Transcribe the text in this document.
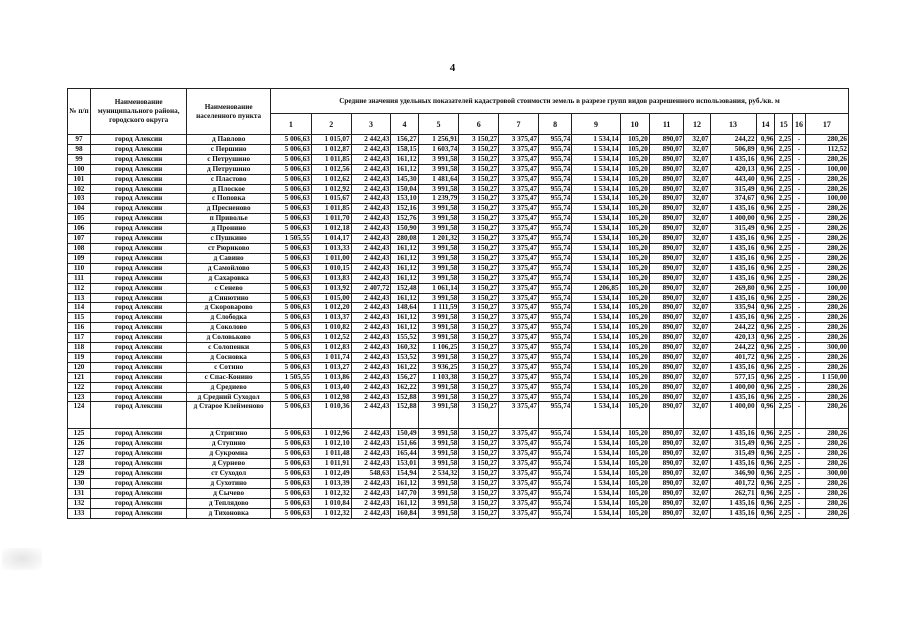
4
№ п/п	Наименование муниципального района, городского округа	Наименование населенного пункта	Средние значения удельных показателей кадастровой стоимости земель в разрезе групп видов разрешенного использования, руб./кв. м																
			1	2	3	4	5	6	7	8	9	10	11	12	13	14	15	16	17
97	город Алексин	д Павлово	5 006,63	1 015,07	2 442,43	156,27	1 256,91	3 150,27	3 375,47	955,74	1 534,14	105,20	890,07	32,07	244,22	0,96	2,25	-	280,26
98	город Алексин	с Першино	5 006,63	1 012,87	2 442,43	158,15	1 603,74	3 150,27	3 375,47	955,74	1 534,14	105,20	890,07	32,07	506,89	0,96	2,25	-	112,52
99	город Алексин	с Петрушино	5 006,63	1 011,85	2 442,43	161,12	3 991,58	3 150,27	3 375,47	955,74	1 534,14	105,20	890,07	32,07	1 435,16	0,96	2,25	-	280,26
100	город Алексин	д Петрушино	5 006,63	1 012,56	2 442,43	161,12	3 991,58	3 150,27	3 375,47	955,74	1 534,14	105,20	890,07	32,07	420,13	0,96	2,25	-	100,00
101	город Алексин	с Пластово	5 006,63	1 012,62	2 442,43	145,30	1 481,64	3 150,27	3 375,47	955,74	1 534,14	105,20	890,07	32,07	443,40	0,96	2,25	-	280,26
102	город Алексин	д Плоское	5 006,63	1 012,92	2 442,43	150,04	3 991,58	3 150,27	3 375,47	955,74	1 534,14	105,20	890,07	32,07	315,49	0,96	2,25	-	280,26
103	город Алексин	с Поповка	5 006,63	1 015,67	2 442,43	153,10	1 239,79	3 150,27	3 375,47	955,74	1 534,14	105,20	890,07	32,07	374,67	0,96	2,25	-	100,00
104	город Алексин	д Пресненово	5 006,63	1 011,85	2 442,43	152,16	3 991,58	3 150,27	3 375,47	955,74	1 534,14	105,20	890,07	32,07	1 435,16	0,96	2,25	-	280,26
105	город Алексин	п Приволье	5 006,63	1 011,70	2 442,43	152,76	3 991,58	3 150,27	3 375,47	955,74	1 534,14	105,20	890,07	32,07	1 400,00	0,96	2,25	-	280,26
106	город Алексин	д Пронино	5 006,63	1 012,18	2 442,43	150,90	3 991,58	3 150,27	3 375,47	955,74	1 534,14	105,20	890,07	32,07	315,49	0,96	2,25	-	280,26
107	город Алексин	с Пушкино	1 505,55	1 014,17	2 442,43	280,08	1 201,32	3 150,27	3 375,47	955,74	1 534,14	105,20	890,07	32,07	1 435,16	0,96	2,25	-	280,26
108	город Алексин	ст Рюриково	5 006,63	1 013,33	2 442,43	161,12	3 991,58	3 150,27	3 375,47	955,74	1 534,14	105,20	890,07	32,07	1 435,16	0,96	2,25	-	280,26
109	город Алексин	д Савино	5 006,63	1 011,00	2 442,43	161,12	3 991,58	3 150,27	3 375,47	955,74	1 534,14	105,20	890,07	32,07	1 435,16	0,96	2,25	-	280,26
110	город Алексин	д Самойлово	5 006,63	1 010,15	2 442,43	161,12	3 991,58	3 150,27	3 375,47	955,74	1 534,14	105,20	890,07	32,07	1 435,16	0,96	2,25	-	280,26
111	город Алексин	д Сахаровка	5 006,63	1 013,83	2 442,43	161,12	3 991,58	3 150,27	3 375,47	955,74	1 534,14	105,20	890,07	32,07	1 435,16	0,96	2,25	-	280,26
112	город Алексин	с Сенево	5 006,63	1 013,92	2 407,72	152,48	1 061,14	3 150,27	3 375,47	955,74	1 206,85	105,20	890,07	32,07	269,80	0,96	2,25	-	100,00
113	город Алексин	д Синютино	5 006,63	1 015,00	2 442,43	161,12	3 991,58	3 150,27	3 375,47	955,74	1 534,14	105,20	890,07	32,07	1 435,16	0,96	2,25	-	280,26
114	город Алексин	д Скороварово	5 006,63	1 012,20	2 442,43	148,64	1 111,59	3 150,27	3 375,47	955,74	1 534,14	105,20	890,07	32,07	335,94	0,96	2,25	-	280,26
115	город Алексин	д Слободка	5 006,63	1 013,37	2 442,43	161,12	3 991,58	3 150,27	3 375,47	955,74	1 534,14	105,20	890,07	32,07	1 435,16	0,96	2,25	-	280,26
116	город Алексин	д Соколово	5 006,63	1 010,82	2 442,43	161,12	3 991,58	3 150,27	3 375,47	955,74	1 534,14	105,20	890,07	32,07	244,22	0,96	2,25	-	280,26
117	город Алексин	д Соловьково	5 006,63	1 012,52	2 442,43	155,52	3 991,58	3 150,27	3 375,47	955,74	1 534,14	105,20	890,07	32,07	420,13	0,96	2,25	-	280,26
118	город Алексин	с Солопенки	5 006,63	1 012,83	2 442,43	160,32	1 106,25	3 150,27	3 375,47	955,74	1 534,14	105,20	890,07	32,07	244,22	0,96	2,25	-	300,00
119	город Алексин	д Сосновка	5 006,63	1 011,74	2 442,43	153,52	3 991,58	3 150,27	3 375,47	955,74	1 534,14	105,20	890,07	32,07	401,72	0,96	2,25	-	280,26
120	город Алексин	с Сотино	5 006,63	1 013,27	2 442,43	161,22	3 936,25	3 150,27	3 375,47	955,74	1 534,14	105,20	890,07	32,07	1 435,16	0,96	2,25	-	280,26
121	город Алексин	с Спас-Конино	1 505,55	1 013,86	2 442,43	156,27	1 103,38	3 150,27	3 375,47	955,74	1 534,14	105,20	890,07	32,07	577,15	0,96	2,25	-	1 150,00
122	город Алексин	д Средиево	5 006,63	1 013,40	2 442,43	162,22	3 991,58	3 150,27	3 375,47	955,74	1 534,14	105,20	890,07	32,07	1 400,00	0,96	2,25	-	280,26
123	город Алексин	д Средний Суходол	5 006,63	1 012,98	2 442,43	152,88	3 991,58	3 150,27	3 375,47	955,74	1 534,14	105,20	890,07	32,07	1 435,16	0,96	2,25	-	280,26
124	город Алексин	д Старое Клейменово	5 006,63	1 010,36	2 442,43	152,88	3 991,58	3 150,27	3 375,47	955,74	1 534,14	105,20	890,07	32,07	1 400,00	0,96	2,25	-	280,26
125	город Алексин	д Стригино	5 006,63	1 012,96	2 442,43	150,49	3 991,58	3 150,27	3 375,47	955,74	1 534,14	105,20	890,07	32,07	1 435,16	0,96	2,25	-	280,26
126	город Алексин	д Ступино	5 006,63	1 012,10	2 442,43	151,66	3 991,58	3 150,27	3 375,47	955,74	1 534,14	105,20	890,07	32,07	315,49	0,96	2,25	-	280,26
127	город Алексин	д Сукромна	5 006,63	1 011,48	2 442,43	165,44	3 991,58	3 150,27	3 375,47	955,74	1 534,14	105,20	890,07	32,07	315,49	0,96	2,25	-	280,26
128	город Алексин	д Сурнево	5 006,63	1 011,91	2 442,43	153,01	3 991,58	3 150,27	3 375,47	955,74	1 534,14	105,20	890,07	32,07	1 435,16	0,96	2,25	-	280,26
129	город Алексин	ст Суходол	5 006,63	1 012,49	548,63	154,94	2 534,32	3 150,27	3 375,47	955,74	1 534,14	105,20	890,07	32,07	346,90	0,96	2,25	-	300,00
130	город Алексин	д Сухотино	5 006,63	1 013,39	2 442,43	161,12	3 991,58	3 150,27	3 375,47	955,74	1 534,14	105,20	890,07	32,07	401,72	0,96	2,25	-	280,26
131	город Алексин	д Сычево	5 006,63	1 012,32	2 442,43	147,70	3 991,58	3 150,27	3 375,47	955,74	1 534,14	105,20	890,07	32,07	262,71	0,96	2,25	-	280,26
132	город Алексин	д Теплядово	5 006,63	1 010,84	2 442,43	161,12	3 991,58	3 150,27	3 375,47	955,74	1 534,14	105,20	890,07	32,07	1 435,16	0,96	2,25	-	280,26
133	город Алексин	д Тихоновка	5 006,63	1 012,32	2 442,43	160,84	3 991,58	3 150,27	3 375,47	955,74	1 534,14	105,20	890,07	32,07	1 435,16	0,96	2,25	-	280,26
